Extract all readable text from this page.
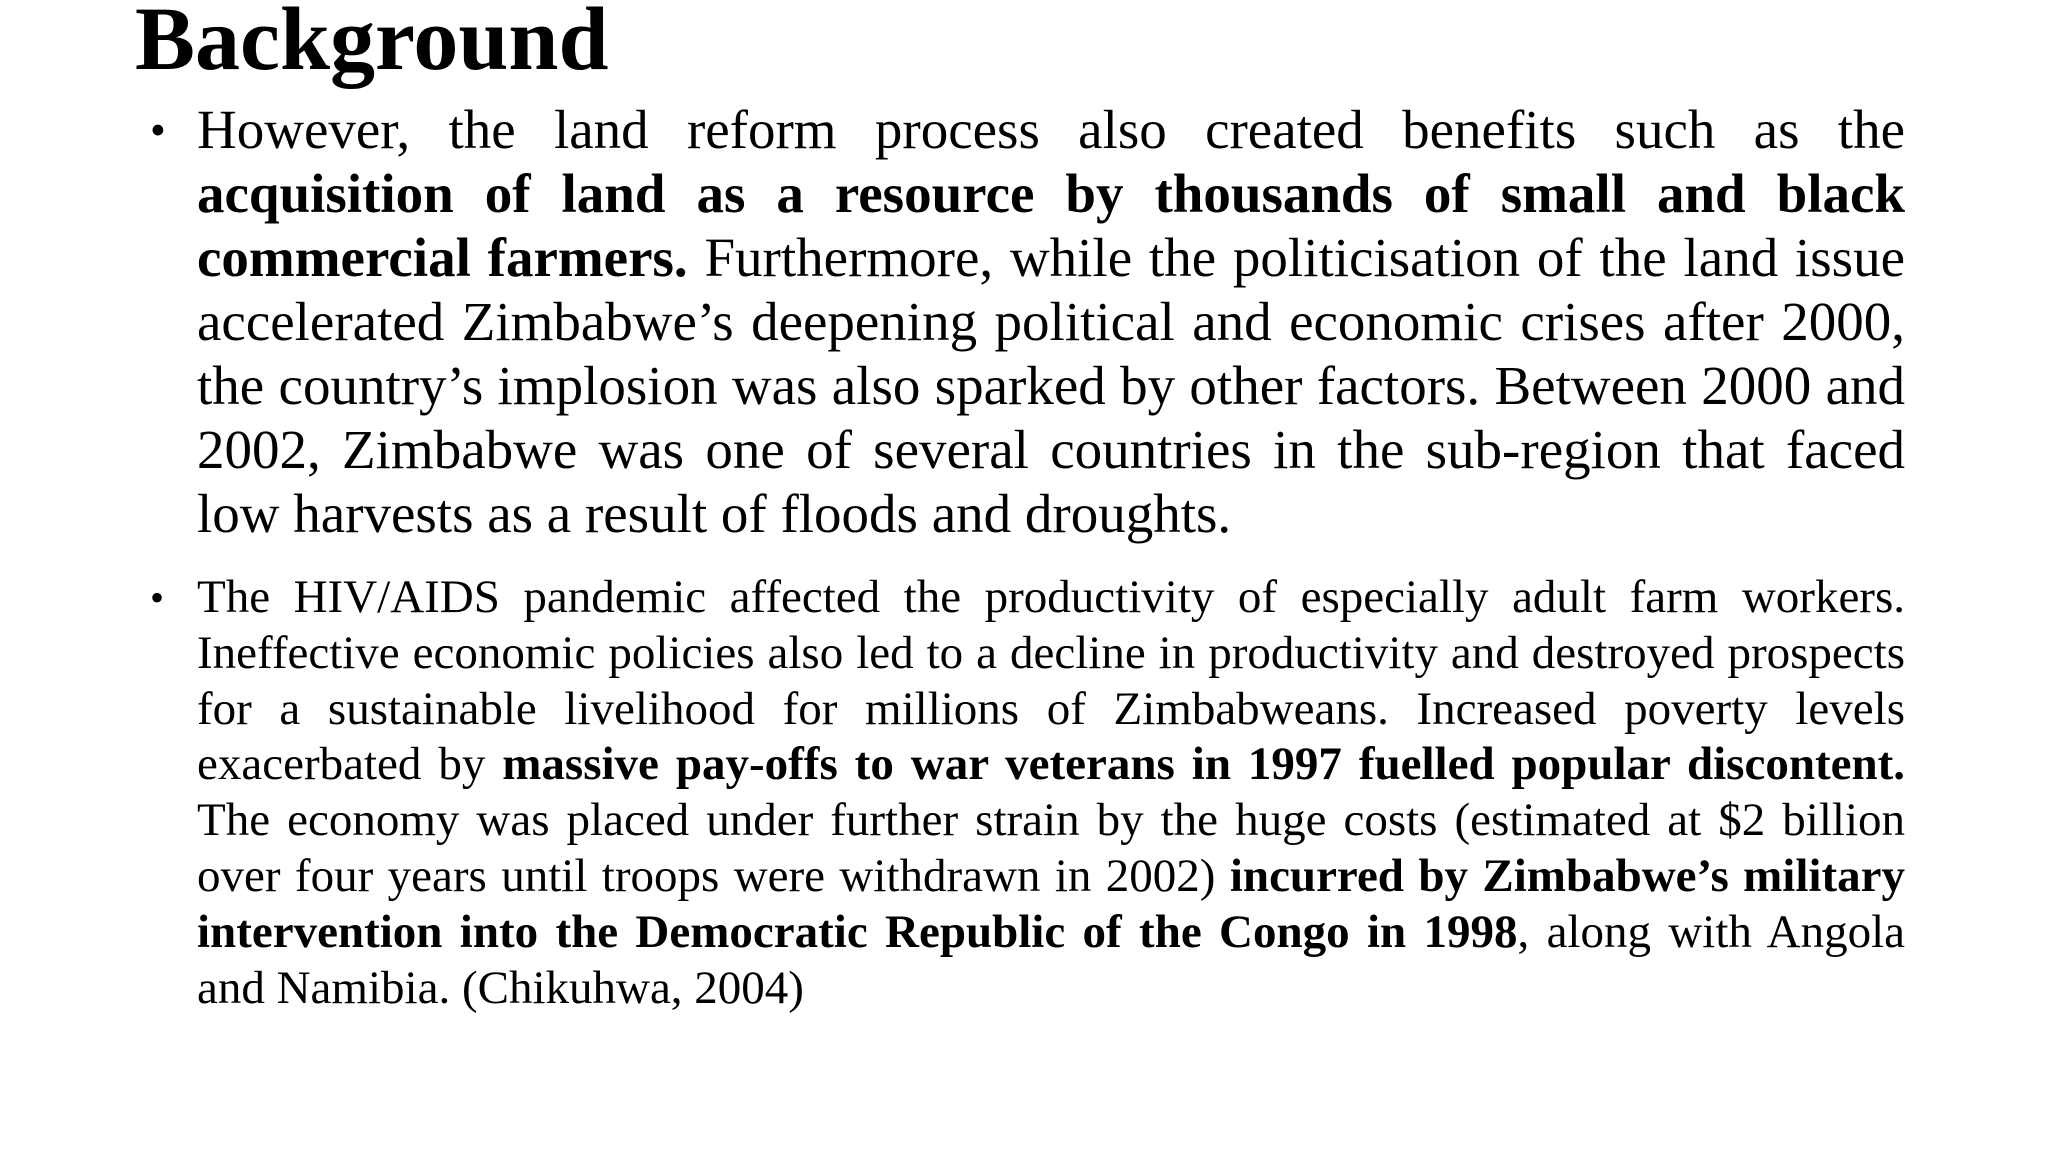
Background
• However, the land reform process also created benefits such as the acquisition of land as a resource by thousands of small and black commercial farmers. Furthermore, while the politicisation of the land issue accelerated Zimbabwe’s deepening political and economic crises after 2000, the country’s implosion was also sparked by other factors. Between 2000 and 2002, Zimbabwe was one of several countries in the sub-region that faced low harvests as a result of floods and droughts.
• The HIV/AIDS pandemic affected the productivity of especially adult farm workers. Ineffective economic policies also led to a decline in productivity and destroyed prospects for a sustainable livelihood for millions of Zimbabweans. Increased poverty levels exacerbated by massive pay-offs to war veterans in 1997 fuelled popular discontent. The economy was placed under further strain by the huge costs (estimated at $2 billion over four years until troops were withdrawn in 2002) incurred by Zimbabwe’s military intervention into the Democratic Republic of the Congo in 1998, along with Angola and Namibia. (Chikuhwa, 2004)
